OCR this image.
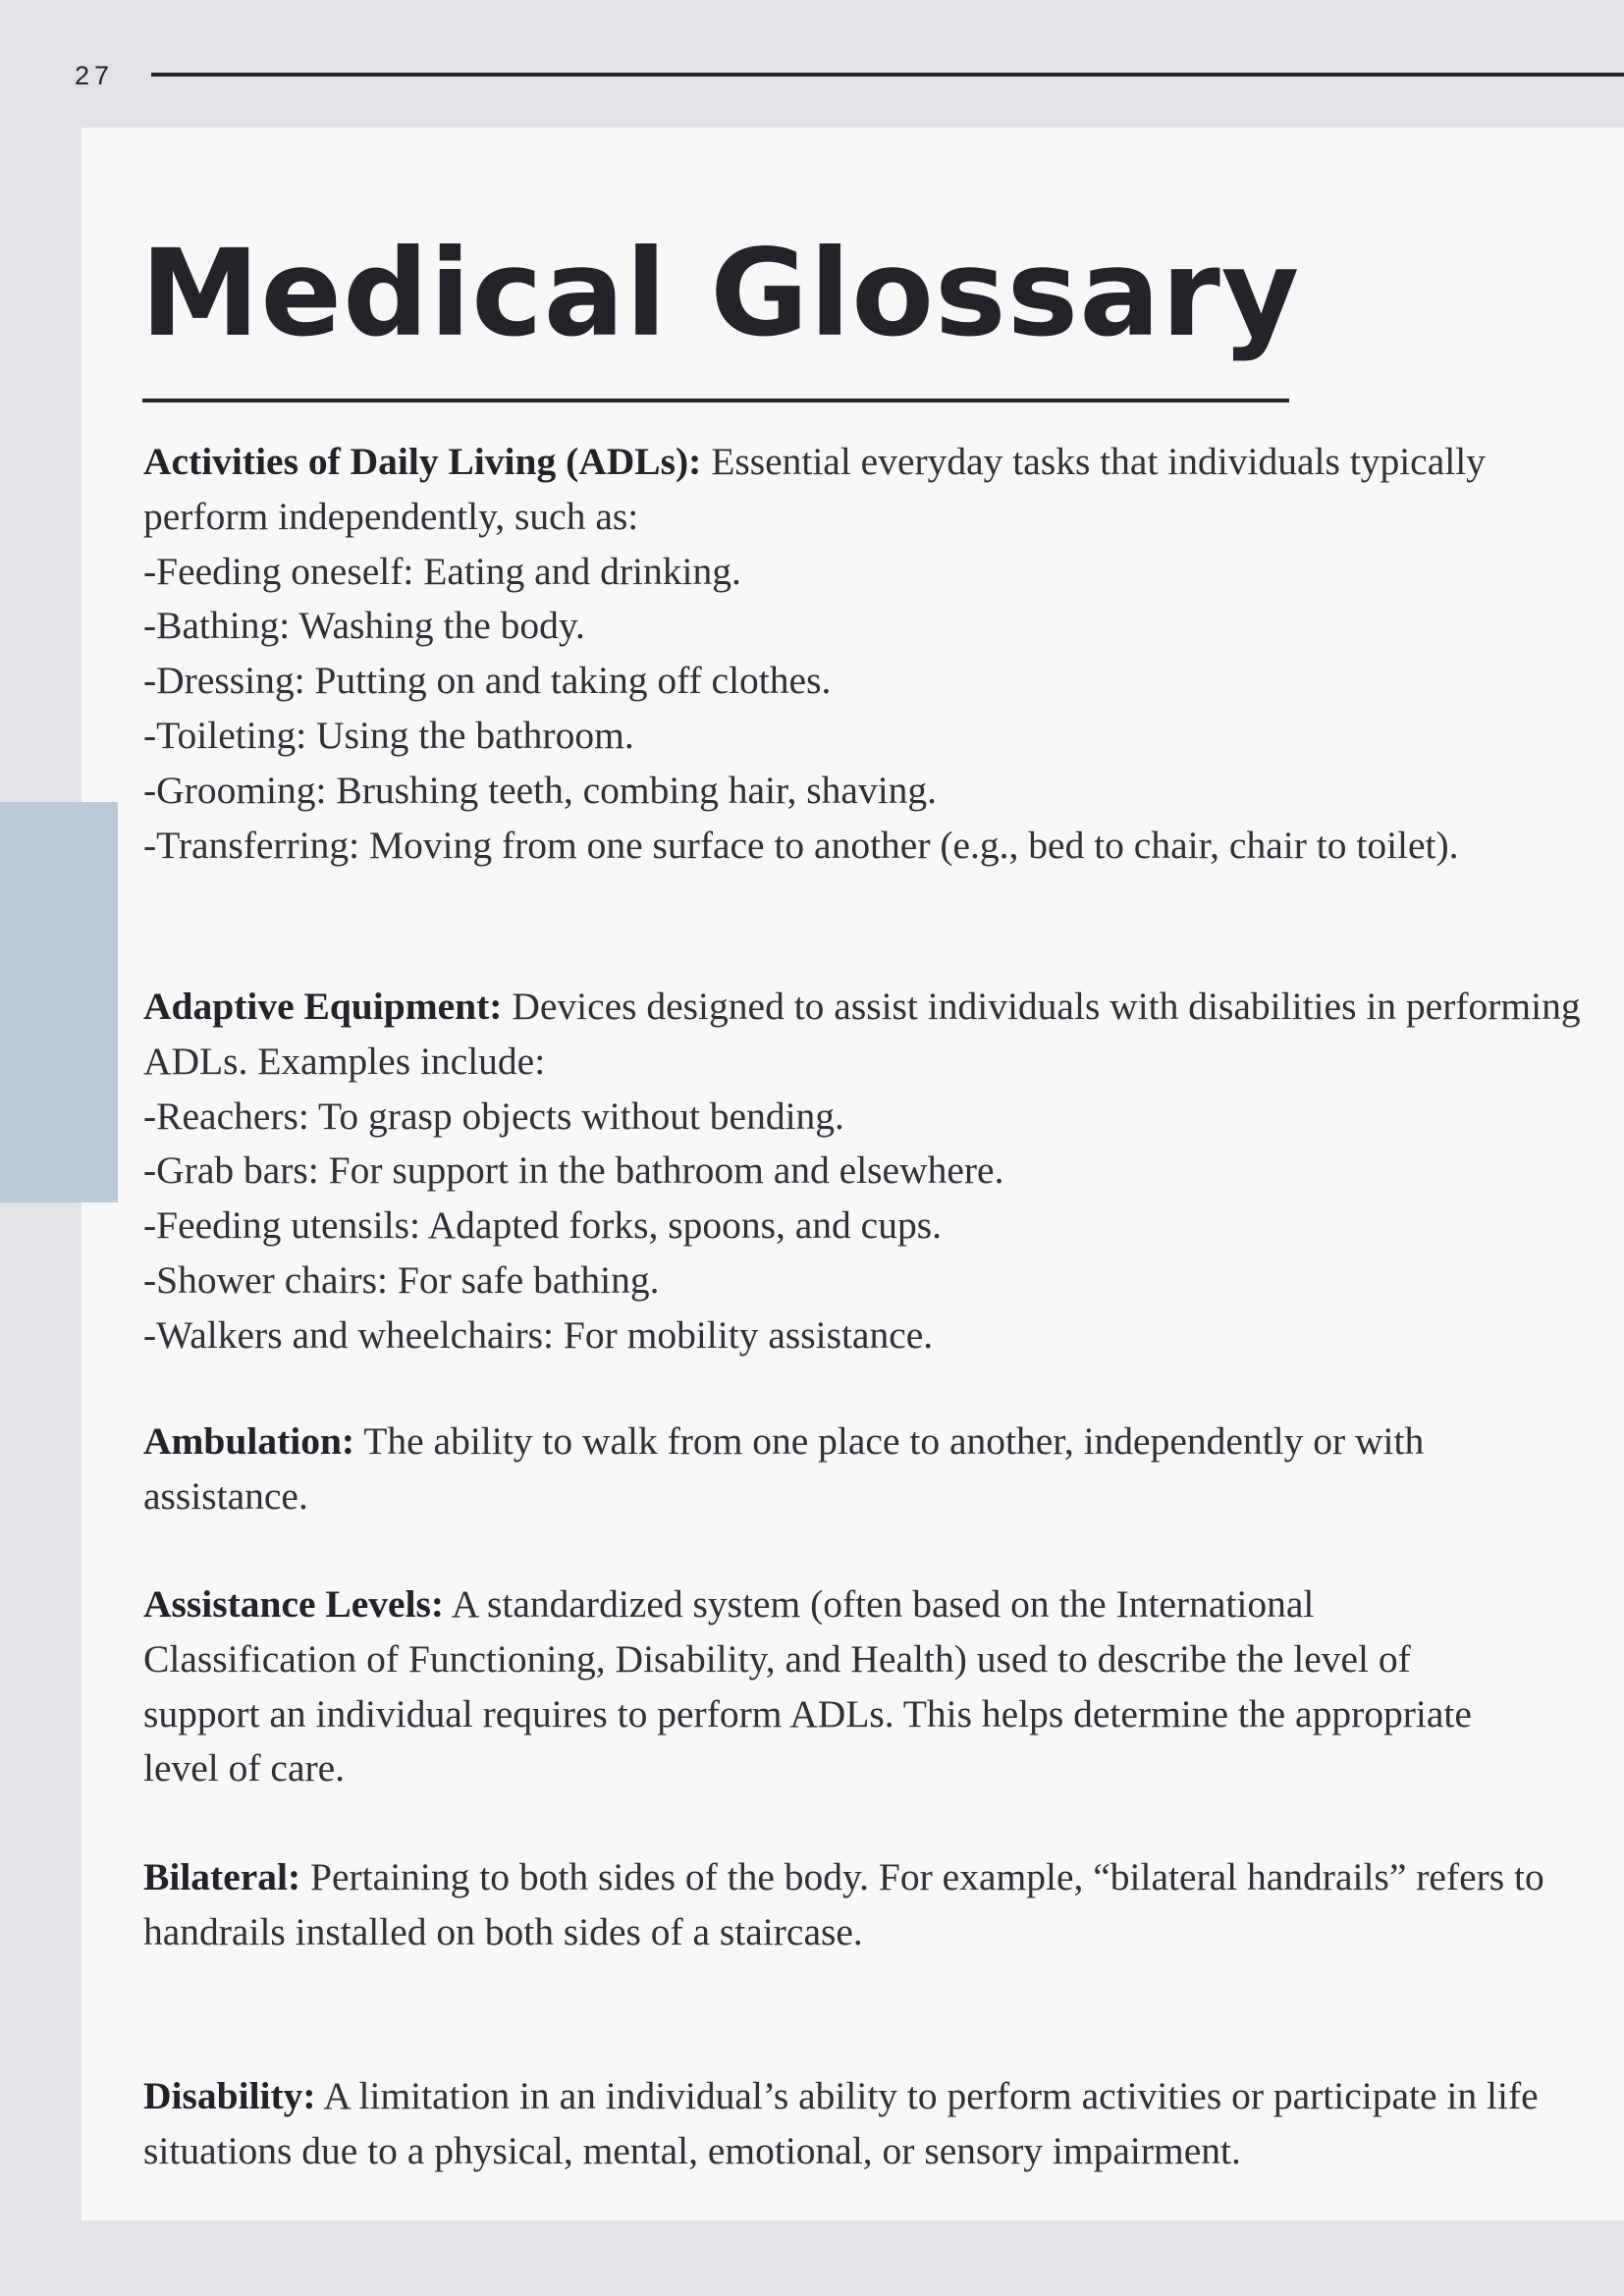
27
Medical Glossary

Activities of Daily Living (ADLs): Essential everyday tasks that individuals typically perform independently, such as:

-Feeding oneself: Eating and drinking.

-Bathing: Washing the body.

-Dressing: Putting on and taking off clothes.

-Toileting: Using the bathroom.

-Grooming: Brushing teeth, combing hair, shaving.

-Transferring: Moving from one surface to another (e.g., bed to chair, chair to toilet).

Adaptive Equipment: Devices designed to assist individuals with disabilities in performing ADLs. Examples include:

-Reachers: To grasp objects without bending.

-Grab bars: For support in the bathroom and elsewhere.

-Feeding utensils: Adapted forks, spoons, and cups.

-Shower chairs: For safe bathing.

-Walkers and wheelchairs: For mobility assistance.

Ambulation: The ability to walk from one place to another, independently or with assistance.

Assistance Levels: A standardized system (often based on the International Classification of Functioning, Disability, and Health) used to describe the level of support an individual requires to perform ADLs. This helps determine the appropriate level of care.

Bilateral: Pertaining to both sides of the body. For example, “bilateral handrails” refers to handrails installed on both sides of a staircase.

Disability: A limitation in an individual’s ability to perform activities or participate in life situations due to a physical, mental, emotional, or sensory impairment.
